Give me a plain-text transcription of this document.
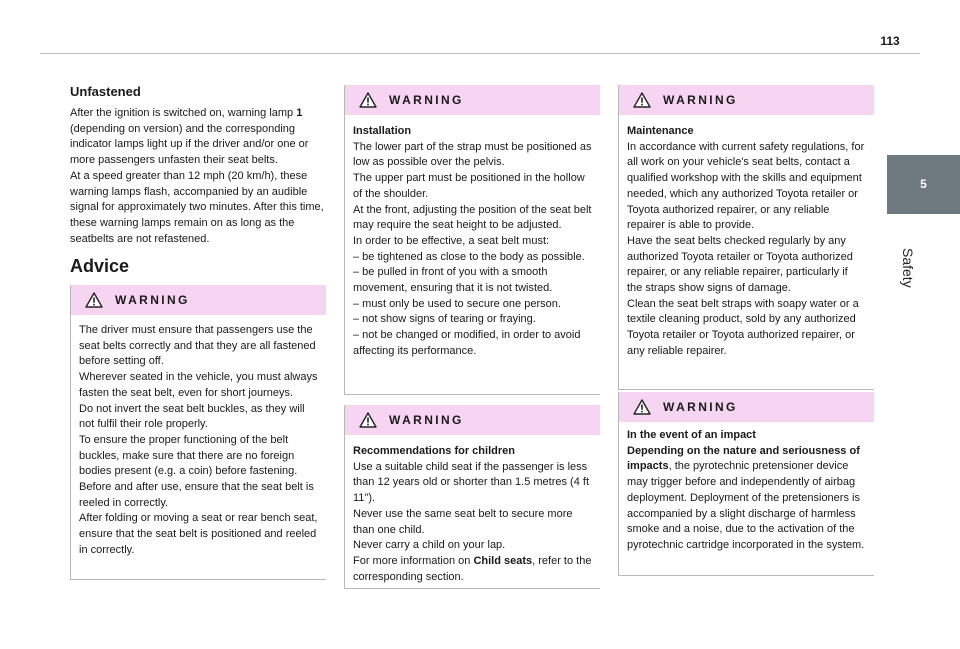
113
5
Safety
Unfastened

After the ignition is switched on, warning lamp 1 (depending on version) and the corresponding indicator lamps light up if the driver and/or one or more passengers unfasten their seat belts.

At a speed greater than 12 mph (20 km/h), these warning lamps flash, accompanied by an audible signal for approximately two minutes. After this time, these warning lamps remain on as long as the seatbelts are not refastened.

Advice
WARNING

The driver must ensure that passengers use the seat belts correctly and that they are all fastened before setting off.

Wherever seated in the vehicle, you must always fasten the seat belt, even for short journeys.

Do not invert the seat belt buckles, as they will not fulfil their role properly.

To ensure the proper functioning of the belt buckles, make sure that there are no foreign bodies present (e.g. a coin) before fastening.

Before and after use, ensure that the seat belt is reeled in correctly.

After folding or moving a seat or rear bench seat, ensure that the seat belt is positioned and reeled in correctly.

WARNING

Installation

The lower part of the strap must be positioned as low as possible over the pelvis.

The upper part must be positioned in the hollow of the shoulder.

At the front, adjusting the position of the seat belt may require the seat height to be adjusted.

In order to be effective, a seat belt must:

– be tightened as close to the body as possible.

– be pulled in front of you with a smooth movement, ensuring that it is not twisted.

– must only be used to secure one person.

– not show signs of tearing or fraying.

– not be changed or modified, in order to avoid affecting its performance.

WARNING

Recommendations for children

Use a suitable child seat if the passenger is less than 12 years old or shorter than 1.5 metres (4 ft 11").

Never use the same seat belt to secure more than one child.

Never carry a child on your lap.

For more information on Child seats, refer to the corresponding section.

WARNING

Maintenance

In accordance with current safety regulations, for all work on your vehicle's seat belts, contact a qualified workshop with the skills and equipment needed, which any authorized Toyota retailer or Toyota authorized repairer, or any reliable repairer is able to provide.

Have the seat belts checked regularly by any authorized Toyota retailer or Toyota authorized repairer, or any reliable repairer, particularly if the straps show signs of damage.

Clean the seat belt straps with soapy water or a textile cleaning product, sold by any authorized Toyota retailer or Toyota authorized repairer, or any reliable repairer.

WARNING

In the event of an impact

Depending on the nature and seriousness of impacts, the pyrotechnic pretensioner device may trigger before and independently of airbag deployment. Deployment of the pretensioners is accompanied by a slight discharge of harmless smoke and a noise, due to the activation of the pyrotechnic cartridge incorporated in the system.
